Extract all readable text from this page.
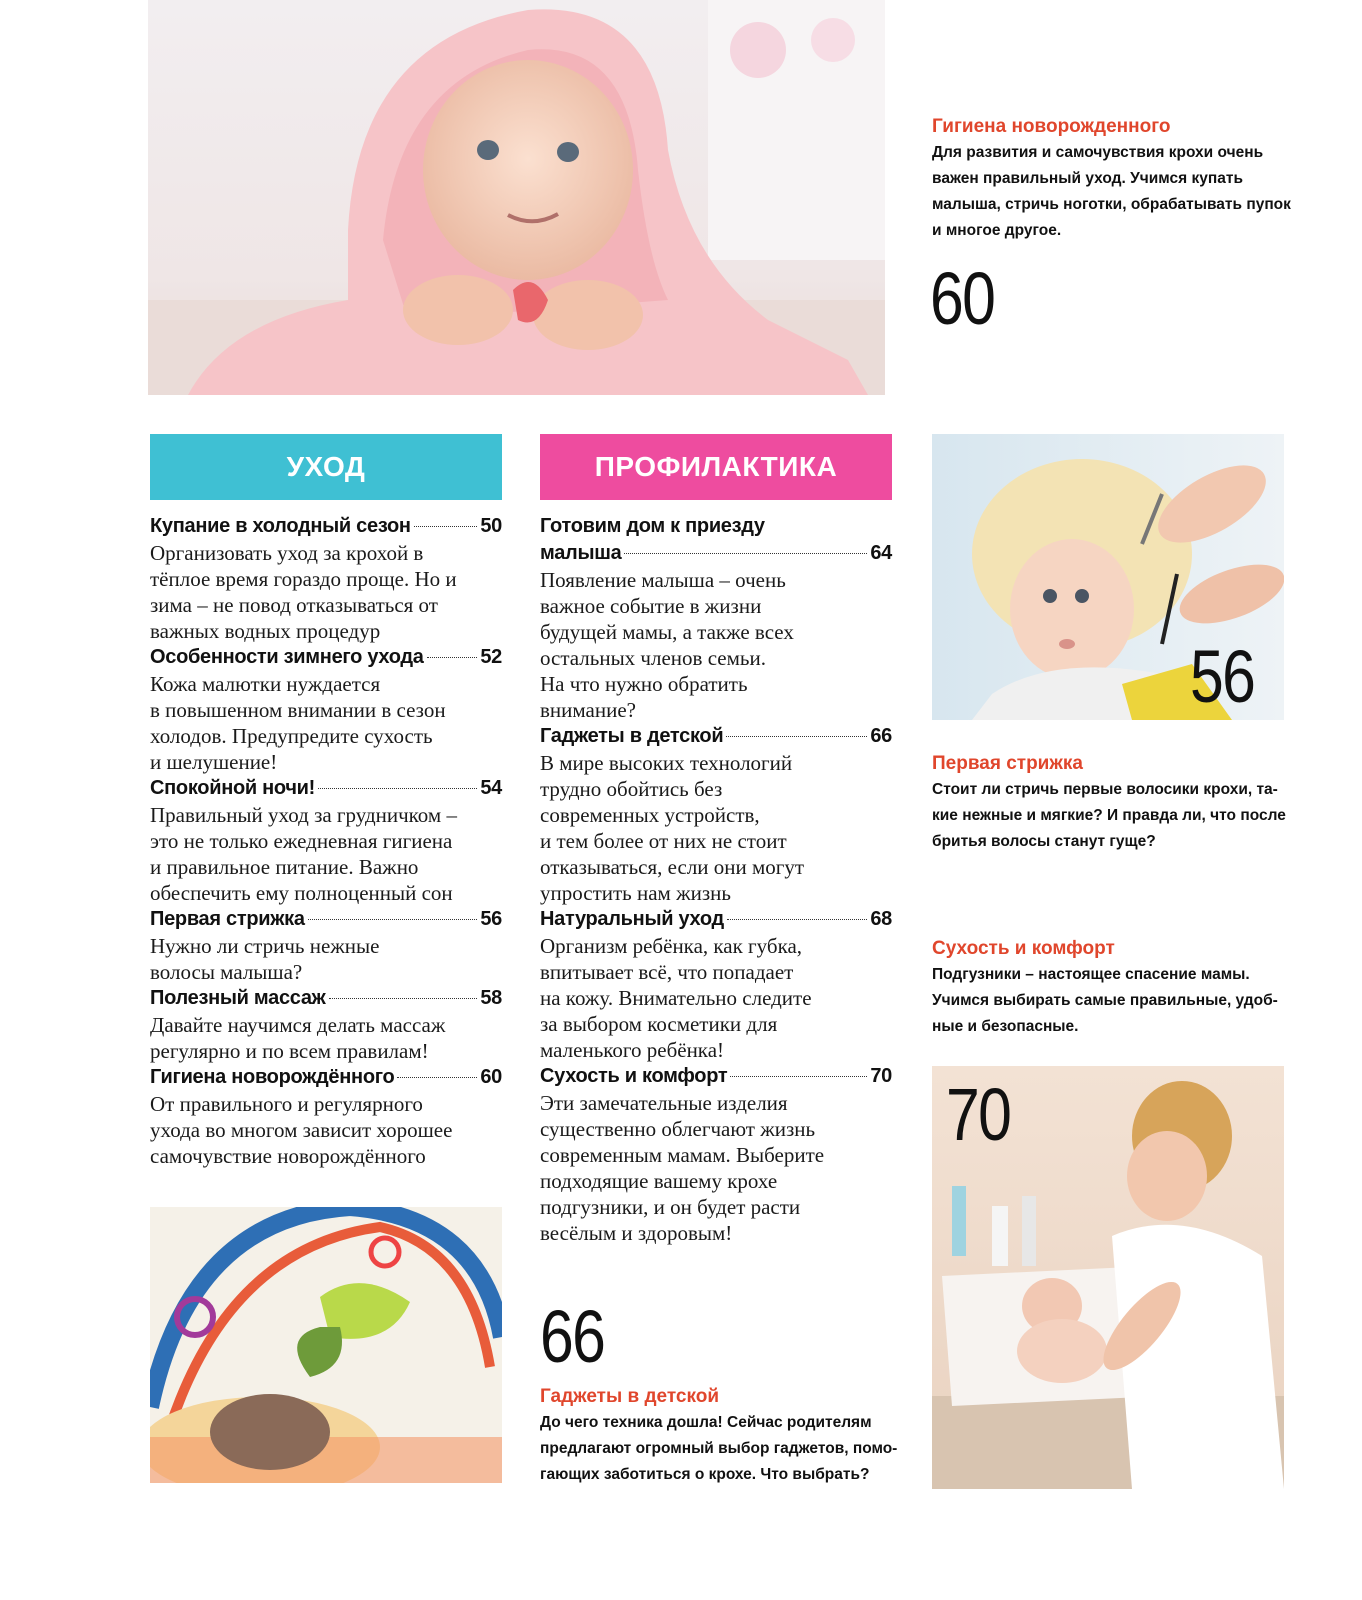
Гигиена новорожденного
Для развития и самочувствия крохи очень
важен правильный уход. Учимся купать
малыша, стричь ноготки, обрабатывать пупок
и многое другое.
60
УХОД	ПРОФИЛАКТИКА
Купание в холодный сезон	50
Организовать уход за крохой в
тёплое время гораздо проще. Но и
зима – не повод отказываться от
важных водных процедур
Особенности зимнего ухода	52
Кожа малютки нуждается
в повышенном внимании в сезон
холодов. Предупредите сухость
и шелушение!
Спокойной ночи!	54
Правильный уход за грудничком –
это не только ежедневная гигиена
и правильное питание. Важно
обеспечить ему полноценный сон
Первая стрижка	56
Нужно ли стричь нежные
волосы малыша?
Полезный массаж	58
Давайте научимся делать массаж
регулярно и по всем правилам!
Гигиена новорождённого	60
От правильного и регулярного
ухода во многом зависит хорошее
самочувствие новорождённого
Готовим дом к приезду
малыша	64
Появление малыша – очень
важное событие в жизни
будущей мамы, а также всех
остальных членов семьи.
На что нужно обратить
внимание?
Гаджеты в детской	66
В мире высоких технологий
трудно обойтись без
современных устройств,
и тем более от них не стоит
отказываться, если они могут
упростить нам жизнь
Натуральный уход	68
Организм ребёнка, как губка,
впитывает всё, что попадает
на кожу. Внимательно следите
за выбором косметики для
маленького ребёнка!
Сухость и комфорт	70
Эти замечательные изделия
существенно облегчают жизнь
современным мамам. Выберите
подходящие вашему крохе
подгузники, и он будет расти
весёлым и здоровым!
56
Первая стрижка
Стоит ли стричь первые волосики крохи, та-
кие нежные и мягкие? И правда ли, что после
бритья волосы станут гуще?
Сухость и комфорт
Подгузники – настоящее спасение мамы.
Учимся выбирать самые правильные, удоб-
ные и безопасные.
70
66
Гаджеты в детской
До чего техника дошла! Сейчас родителям
предлагают огромный выбор гаджетов, помо-
гающих заботиться о крохе. Что выбрать?
